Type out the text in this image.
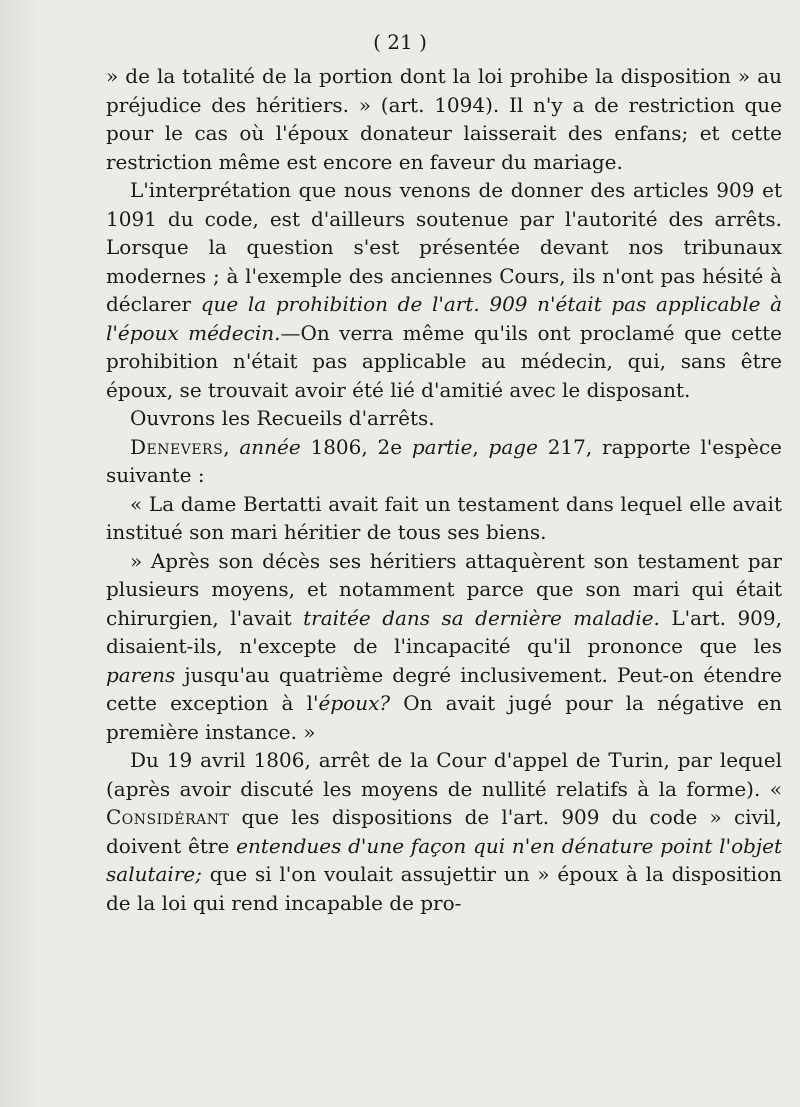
( 21 )

» de la totalité de la portion dont la loi prohibe la disposition » au préjudice des héritiers. » (art. 1094). Il n'y a de restriction que pour le cas où l'époux donateur laisserait des enfans; et cette restriction même est encore en faveur du mariage.

L'interprétation que nous venons de donner des articles 909 et 1091 du code, est d'ailleurs soutenue par l'autorité des arrêts. Lorsque la question s'est présentée devant nos tribunaux modernes ; à l'exemple des anciennes Cours, ils n'ont pas hésité à déclarer que la prohibition de l'art. 909 n'était pas applicable à l'époux médecin.—On verra même qu'ils ont proclamé que cette prohibition n'était pas applicable au médecin, qui, sans être époux, se trouvait avoir été lié d'amitié avec le disposant.

Ouvrons les Recueils d'arrêts.

Denevers, année 1806, 2e partie, page 217, rapporte l'espèce suivante :

« La dame Bertatti avait fait un testament dans lequel elle avait institué son mari héritier de tous ses biens.

» Après son décès ses héritiers attaquèrent son testament par plusieurs moyens, et notamment parce que son mari qui était chirurgien, l'avait traitée dans sa dernière maladie. L'art. 909, disaient-ils, n'excepte de l'incapacité qu'il prononce que les parens jusqu'au quatrième degré inclusivement. Peut-on étendre cette exception à l'époux? On avait jugé pour la négative en première instance. »

Du 19 avril 1806, arrêt de la Cour d'appel de Turin, par lequel (après avoir discuté les moyens de nullité relatifs à la forme). « Considérant que les dispositions de l'art. 909 du code » civil, doivent être entendues d'une façon qui n'en dénature point l'objet salutaire; que si l'on voulait assujettir un » époux à la disposition de la loi qui rend incapable de pro-
